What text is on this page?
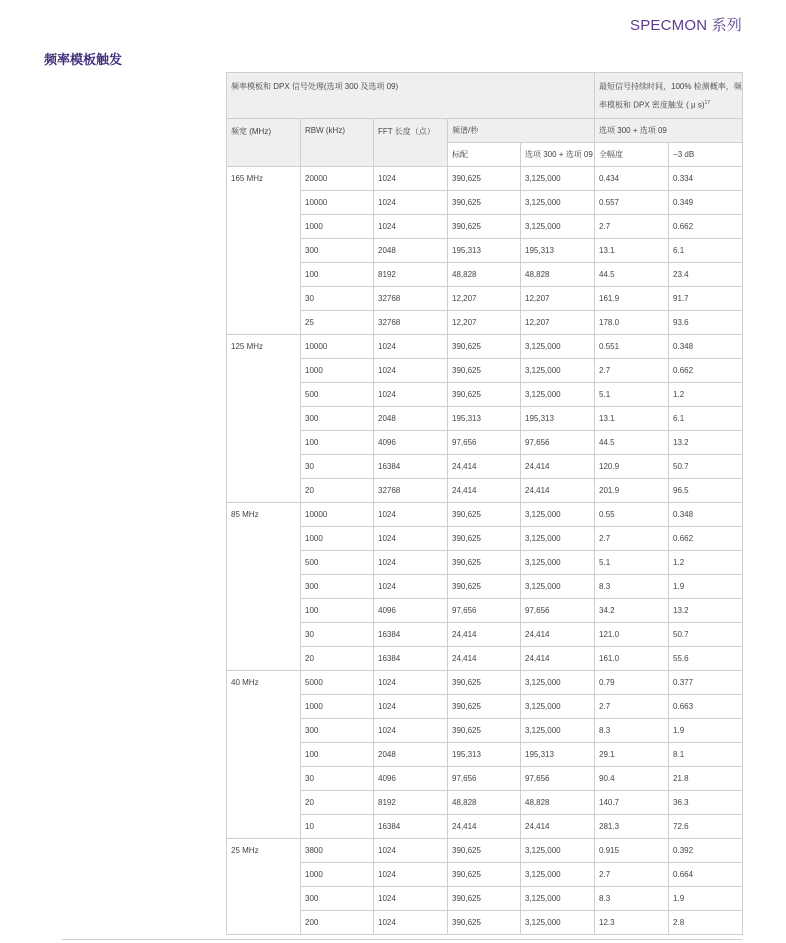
SPECMON 系列
频率模板触发
频率模板和 DPX 信号处理(选项 300 及选项 09)					最短信号持续时间，100% 检测概率，频率模板和 DPX 密度触发 ( μ s)$^{17}$
频宽 (MHz)	RBW (kHz)	FFT 长度（点）	频谱/秒		选项 300 + 选项 09	
			标配	选项 300 + 选项 09	全幅度	−3 dB
165 MHz	20000	1024	390,625	3,125,000	0.434	0.334
	10000	1024	390,625	3,125,000	0.557	0.349
	1000	1024	390,625	3,125,000	2.7	0.662
	300	2048	195,313	195,313	13.1	6.1
	100	8192	48,828	48,828	44.5	23.4
	30	32768	12,207	12,207	161.9	91.7
	25	32768	12,207	12,207	178.0	93.6
125 MHz	10000	1024	390,625	3,125,000	0.551	0.348
	1000	1024	390,625	3,125,000	2.7	0.662
	500	1024	390,625	3,125,000	5.1	1.2
	300	2048	195,313	195,313	13.1	6.1
	100	4096	97,656	97,656	44.5	13.2
	30	16384	24,414	24,414	120.9	50.7
	20	32768	24,414	24,414	201.9	96.5
85 MHz	10000	1024	390,625	3,125,000	0.55	0.348
	1000	1024	390,625	3,125,000	2.7	0.662
	500	1024	390,625	3,125,000	5.1	1.2
	300	1024	390,625	3,125,000	8.3	1.9
	100	4096	97,656	97,656	34.2	13.2
	30	16384	24,414	24,414	121.0	50.7
	20	16384	24,414	24,414	161.0	55.6
40 MHz	5000	1024	390,625	3,125,000	0.79	0.377
	1000	1024	390,625	3,125,000	2.7	0.663
	300	1024	390,625	3,125,000	8.3	1.9
	100	2048	195,313	195,313	29.1	8.1
	30	4096	97,656	97,656	90.4	21.8
	20	8192	48,828	48,828	140.7	36.3
	10	16384	24,414	24,414	281.3	72.6
25 MHz	3800	1024	390,625	3,125,000	0.915	0.392
	1000	1024	390,625	3,125,000	2.7	0.664
	300	1024	390,625	3,125,000	8.3	1.9
	200	1024	390,625	3,125,000	12.3	2.8
